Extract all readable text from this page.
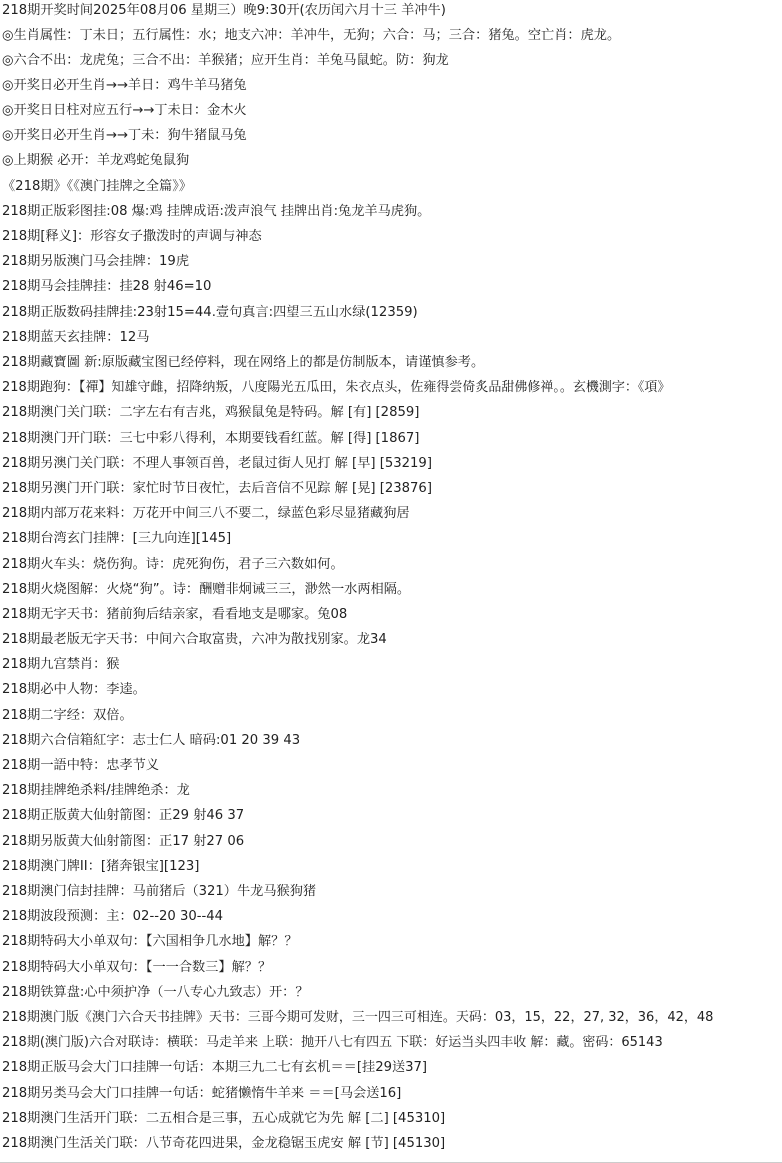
218期开奖时间2025年08月06 星期三）晚9:30开(农历闰六月十三 羊冲牛)
◎生肖属性：丁未日；五行属性：水；地支六冲：羊冲牛，无狗；六合：马；三合：猪兔。空亡肖：虎龙。
◎六合不出：龙虎兔；三合不出：羊猴猪；应开生肖：羊兔马鼠蛇。防：狗龙
◎开奖日必开生肖→→羊日：鸡牛羊马猪兔
◎开奖日日柱对应五行→→丁未日：金木火
◎开奖日必开生肖→→丁未：狗牛猪鼠马兔
◎上期猴 必开：羊龙鸡蛇兔鼠狗
《218期》《《澳门挂牌之全篇》》
218期正版彩图挂:08 爆:鸡 挂牌成语:泼声浪气 挂牌出肖:兔龙羊马虎狗。
218期[释义]：形容女子撒泼时的声调与神态
218期另版澳门马会挂牌：19虎
218期马会挂牌挂：挂28 射46=10
218期正版数码挂牌挂:23射15=44.壹句真言:四望三五山水绿(12359)
218期蓝天玄挂牌：12马
218期藏寶圖 新:原版藏宝图已经停料，现在网络上的都是仿制版本，请谨慎参考。
218期跑狗：【禪】知雄守雌，招降纳叛，八度陽光五瓜田，朱衣点头，佐雍得尝倚炙品甜佛修禅。。玄機測字：《項》
218期澳门关门联：二字左右有吉兆，鸡猴鼠兔是特码。解 [有] [2859]
218期澳门开门联：三七中彩八得利，本期要钱看红蓝。解 [得] [1867]
218期另澳门关门联：不理人事领百兽，老鼠过街人见打 解 [早] [53219]
218期另澳门开门联：家忙时节日夜忙，去后音信不见踪 解 [晃] [23876]
218期内部万花来料：万花开中间三八不要二，绿蓝色彩尽显猪藏狗居
218期台湾玄门挂牌：[三九向连][145]
218期火车头：烧伤狗。诗：虎死狗伤，君子三六数如何。
218期火烧图解：火烧“狗”。诗：酬赠非炯诫三三，渺然一水两相隔。
218期无字天书：猪前狗后结亲家，看看地支是哪家。兔08
218期最老版无字天书：中间六合取富贵，六冲为散找别家。龙34
218期九宫禁肖：猴
218期必中人物：李逵。
218期二字经：双倍。
218期六合信箱紅字：志士仁人 暗码:01 20 39 43
218期一語中特：忠孝节义
218期挂牌绝杀料/挂牌绝杀：龙
218期正版黄大仙射箭图：正29 射46 37
218期另版黄大仙射箭图：正17 射27 06
218期澳门牌II：[猪奔银宝][123]
218期澳门信封挂牌：马前猪后（321）牛龙马猴狗猪
218期波段预测：主：02--20 30--44
218期特码大小单双句：【六国相争几水地】解？？
218期特码大小单双句：【一一合数三】解？？
218期铁算盘:心中须护净（一八专心九致志）开：？
218期澳门版《澳门六合天书挂牌》天书：三哥今期可发财，三一四三可相连。天码：03，15，22，27, 32，36，42，48
218期(澳门版)六合对联诗：横联：马走羊来 上联：抛开八七有四五 下联：好运当头四丰收 解：藏。密码：65143
218期正版马会大门口挂牌一句话：本期三九二七有玄机＝＝[挂29送37]
218期另类马会大门口挂牌一句话：蛇猪懒惰牛羊来 ＝＝[马会送16]
218期澳门生活开门联：二五相合是三事，五心成就它为先 解 [二] [45310]
218期澳门生活关门联：八节奇花四进果，金龙稳锯玉虎安 解 [节] [45130]
